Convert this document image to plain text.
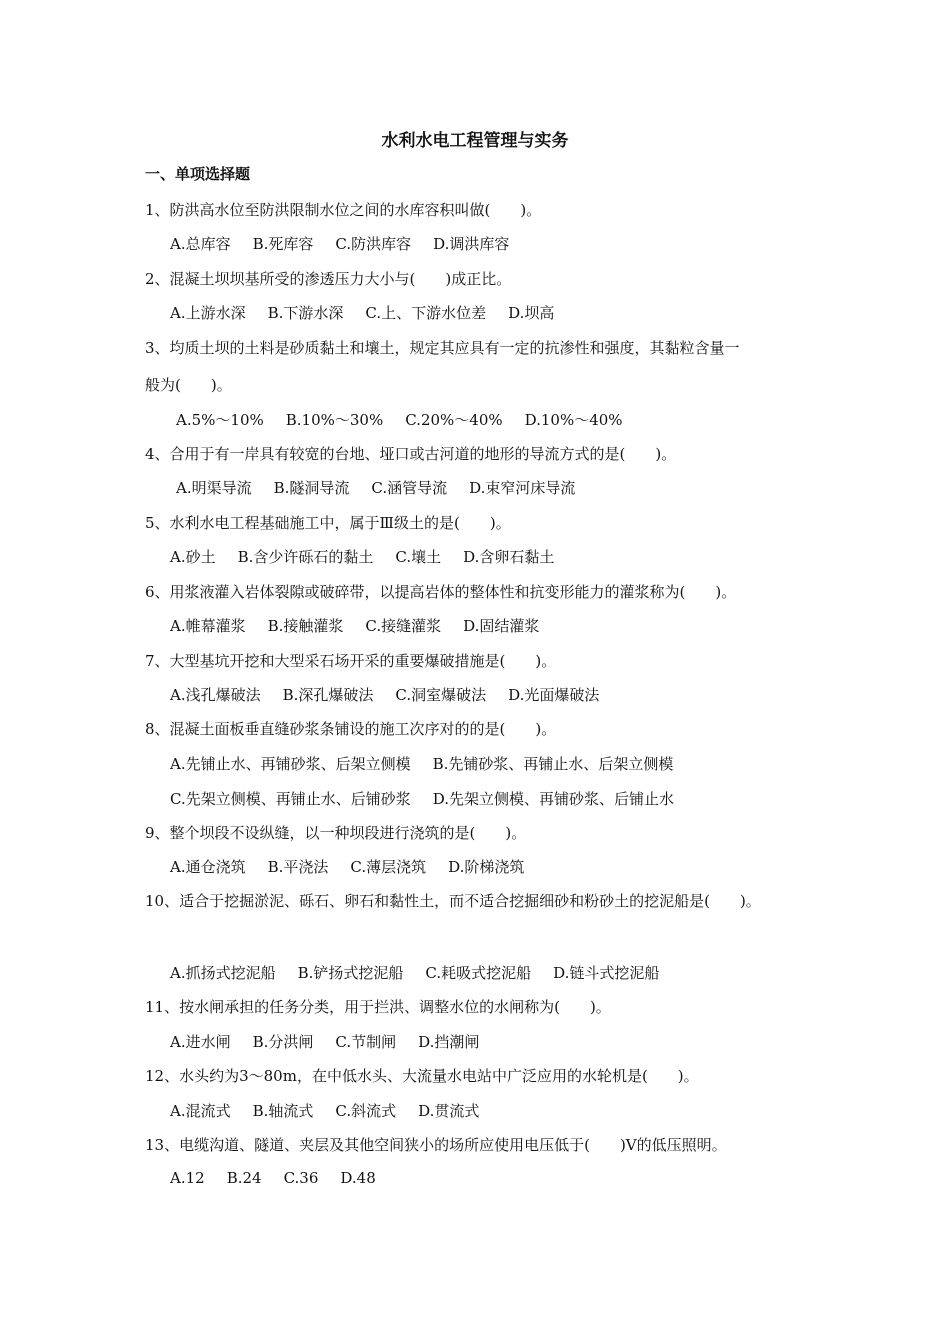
水利水电工程管理与实务
一、单项选择题
1、防洪高水位至防洪限制水位之间的水库容积叫做(　　)。
A.总库容 B.死库容 C.防洪库容 D.调洪库容
2、混凝土坝坝基所受的渗透压力大小与(　　)成正比。
A.上游水深 B.下游水深 C.上、下游水位差 D.坝高
3、均质土坝的土料是砂质黏土和壤土，规定其应具有一定的抗渗性和强度，其黏粒含量一
般为(　　)。
A.5%～10% B.10%～30% C.20%～40% D.10%～40%
4、合用于有一岸具有较宽的台地、垭口或古河道的地形的导流方式的是(　　)。
A.明渠导流 B.隧洞导流 C.涵管导流 D.束窄河床导流
5、水利水电工程基础施工中，属于Ⅲ级土的是(　　)。
A.砂土 B.含少许砾石的黏土 C.壤土 D.含卵石黏土
6、用浆液灌入岩体裂隙或破碎带，以提高岩体的整体性和抗变形能力的灌浆称为(　　)。
A.帷幕灌浆 B.接触灌浆 C.接缝灌浆 D.固结灌浆
7、大型基坑开挖和大型采石场开采的重要爆破措施是(　　)。
A.浅孔爆破法 B.深孔爆破法 C.洞室爆破法 D.光面爆破法
8、混凝土面板垂直缝砂浆条铺设的施工次序对的的是(　　)。
A.先铺止水、再铺砂浆、后架立侧模 B.先铺砂浆、再铺止水、后架立侧模
C.先架立侧模、再铺止水、后铺砂浆 D.先架立侧模、再铺砂浆、后铺止水
9、整个坝段不设纵缝，以一种坝段进行浇筑的是(　　)。
A.通仓浇筑 B.平浇法 C.薄层浇筑 D.阶梯浇筑
10、适合于挖掘淤泥、砾石、卵石和黏性土，而不适合挖掘细砂和粉砂土的挖泥船是(　　)。
A.抓扬式挖泥船 B.铲扬式挖泥船 C.耗吸式挖泥船 D.链斗式挖泥船
11、按水闸承担的任务分类，用于拦洪、调整水位的水闸称为(　　)。
A.进水闸 B.分洪闸 C.节制闸 D.挡潮闸
12、水头约为3～80m，在中低水头、大流量水电站中广泛应用的水轮机是(　　)。
A.混流式 B.轴流式 C.斜流式 D.贯流式
13、电缆沟道、隧道、夹层及其他空间狭小的场所应使用电压低于(　　)V的低压照明。
A.12 B.24 C.36 D.48
